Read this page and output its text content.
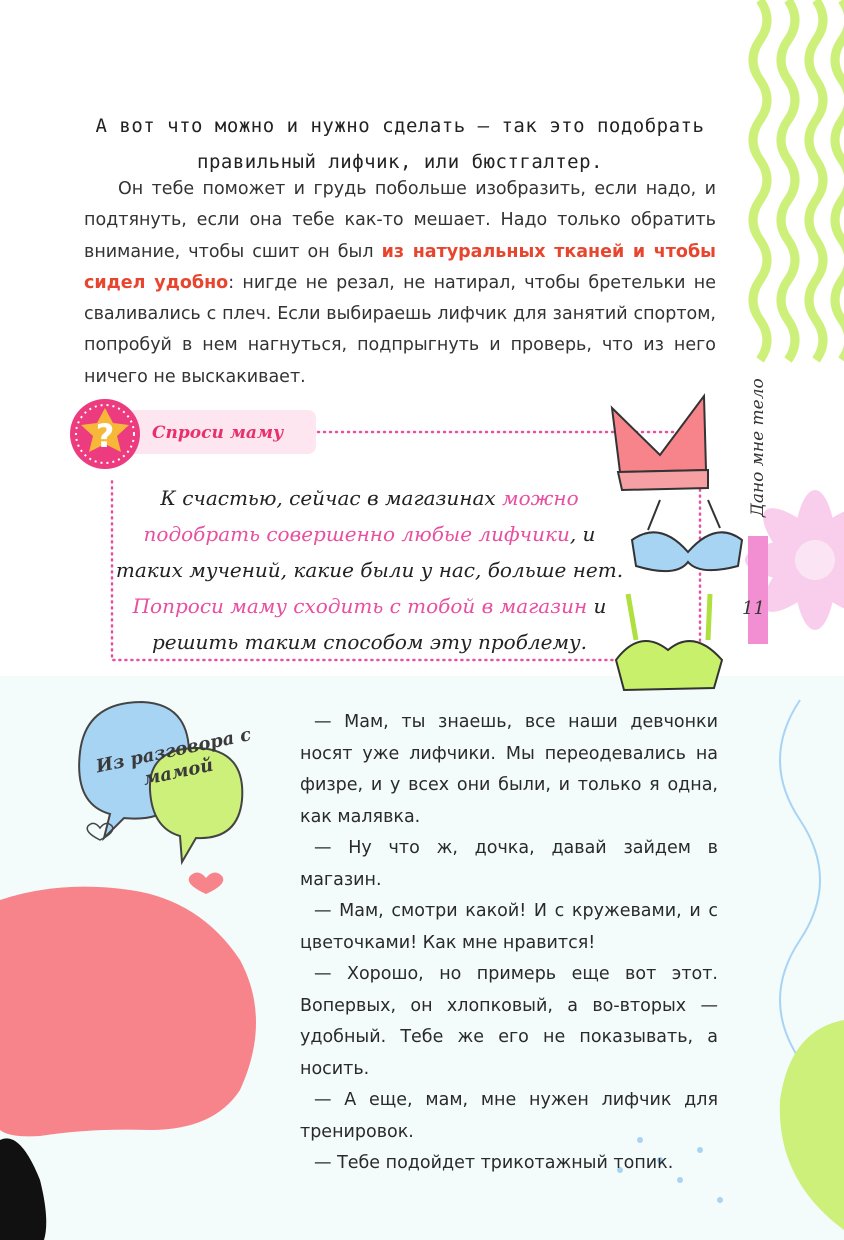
?
А вот что можно и нужно сделать — так это подобрать правильный лифчик, или бюстгалтер.

Он тебе поможет и грудь побольше изобразить, если надо, и подтянуть, если она тебе как-то мешает. Надо только обратить внимание, чтобы сшит он был из натуральных тканей и чтобы сидел удобно: нигде не резал, не натирал, чтобы бретельки не сваливались с плеч. Если выбираешь лифчик для занятий спортом, попробуй в нем нагнуться, подпрыгнуть и проверь, что из него ничего не выскакивает.

Спроси маму
К счастью, сейчас в магазинах можно подобрать совершенно любые лифчики, и таких мучений, какие были у нас, больше нет. Попроси маму сходить с тобой в магазин и решить таким способом эту проблему.
Дано мне тело
11
Из разговора с мамой

— Мам, ты знаешь, все наши девчонки носят уже лифчики. Мы переодевались на физре, и у всех они были, и только я одна, как малявка.

— Ну что ж, дочка, давай зайдем в магазин.

— Мам, смотри какой! И с кружевами, и с цветочками! Как мне нравится!

— Хорошо, но примерь еще вот этот. Вопервых, он хлопковый, а во-вторых — удобный. Тебе же его не показывать, а носить.

— А еще, мам, мне нужен лифчик для тренировок.

— Тебе подойдет трикотажный топик.
